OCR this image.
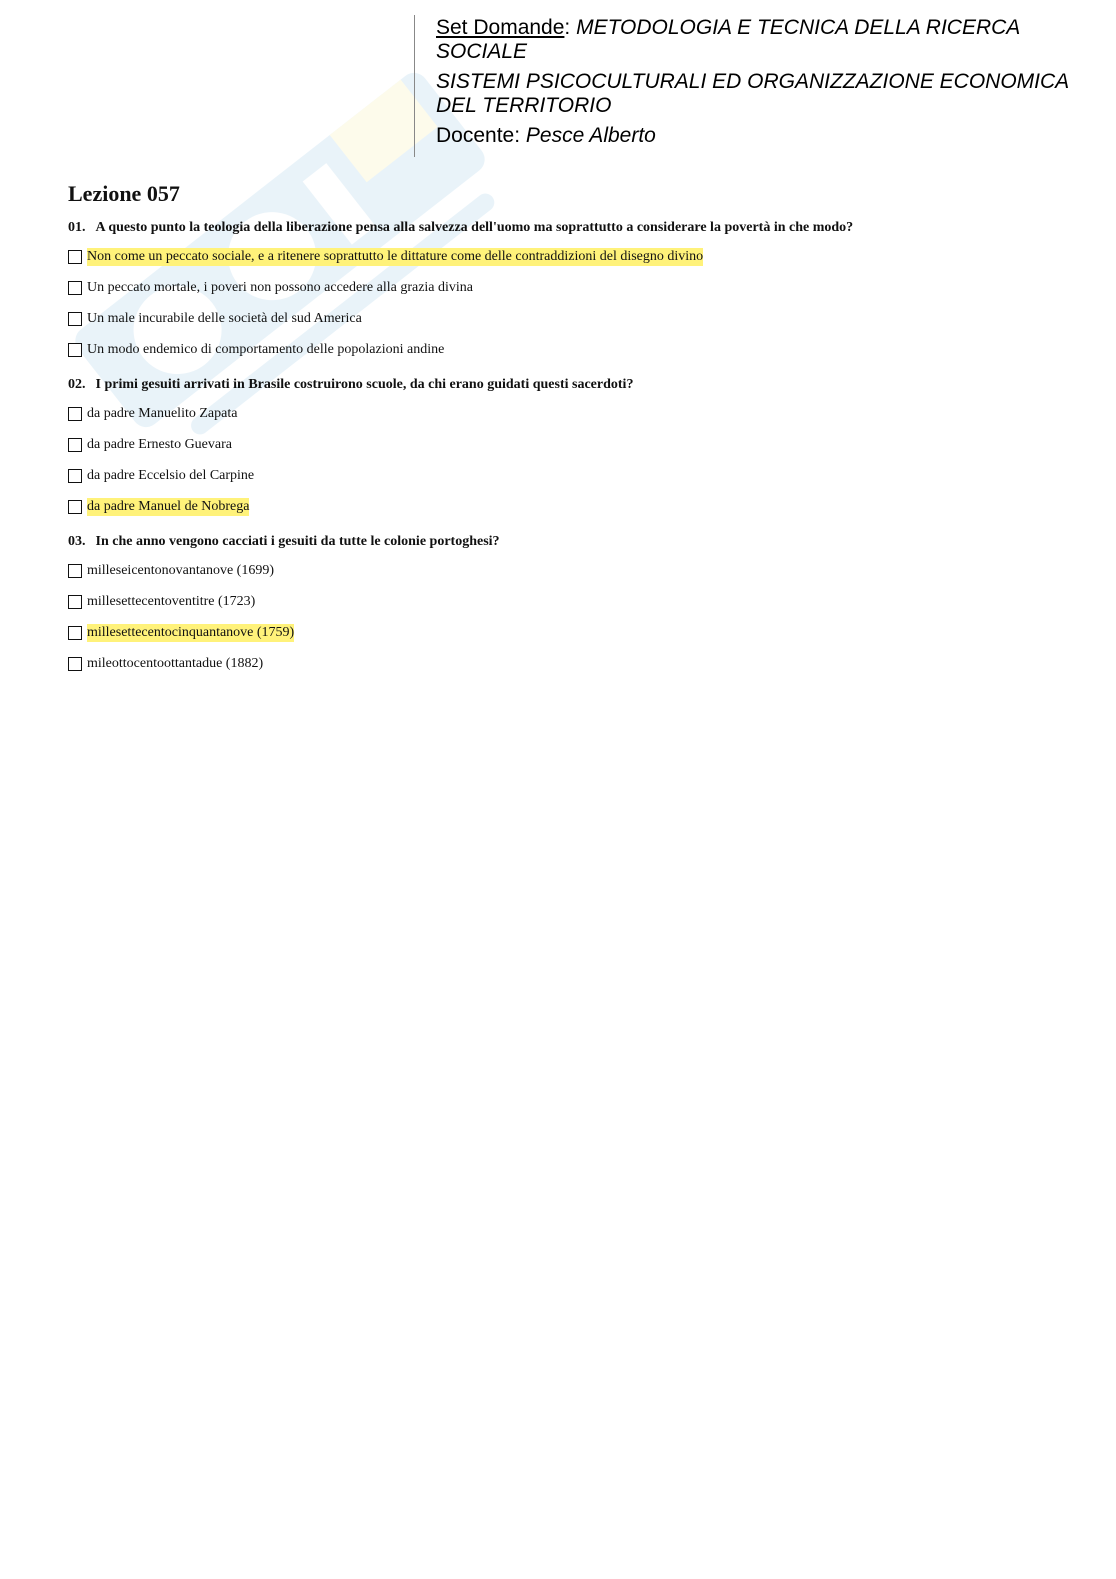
Set Domande: METODOLOGIA E TECNICA DELLA RICERCA
SOCIALE
SISTEMI PSICOCULTURALI ED ORGANIZZAZIONE ECONOMICA
DEL TERRITORIO
Docente: Pesce Alberto
Lezione 057

01. A questo punto la teologia della liberazione pensa alla salvezza dell'uomo ma soprattutto a considerare la povertà in che modo?

Non come un peccato sociale, e a ritenere soprattutto le dittature come delle contraddizioni del disegno divino
Un peccato mortale, i poveri non possono accedere alla grazia divina
Un male incurabile delle società del sud America
Un modo endemico di comportamento delle popolazioni andine

02. I primi gesuiti arrivati in Brasile costruirono scuole, da chi erano guidati questi sacerdoti?

da padre Manuelito Zapata
da padre Ernesto Guevara
da padre Eccelsio del Carpine
da padre Manuel de Nobrega

03. In che anno vengono cacciati i gesuiti da tutte le colonie portoghesi?

milleseicentonovantanove (1699)
millesettecentoventitre (1723)
millesettecentocinquantanove (1759)
mileottocentoottantadue (1882)
